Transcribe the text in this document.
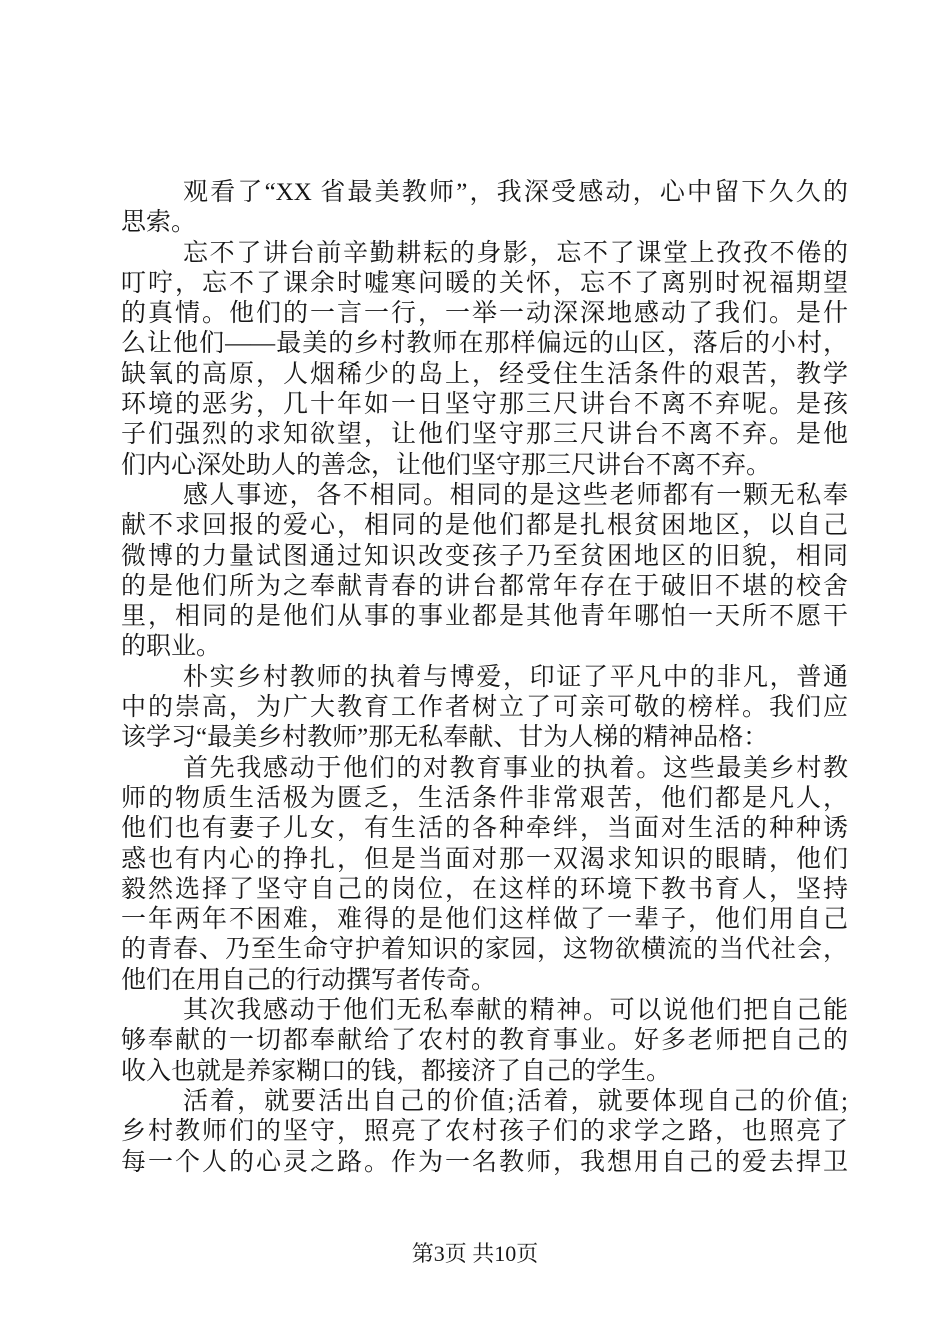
观看了“XX 省最美教师”，我深受感动，心中留下久久的
思索。
忘不了讲台前辛勤耕耘的身影，忘不了课堂上孜孜不倦的
叮咛，忘不了课余时嘘寒问暖的关怀，忘不了离别时祝福期望
的真情。他们的一言一行，一举一动深深地感动了我们。是什
么让他们——最美的乡村教师在那样偏远的山区，落后的小村，
缺氧的高原，人烟稀少的岛上，经受住生活条件的艰苦，教学
环境的恶劣，几十年如一日坚守那三尺讲台不离不弃呢。是孩
子们强烈的求知欲望，让他们坚守那三尺讲台不离不弃。是他
们内心深处助人的善念，让他们坚守那三尺讲台不离不弃。
感人事迹，各不相同。相同的是这些老师都有一颗无私奉
献不求回报的爱心，相同的是他们都是扎根贫困地区，以自己
微博的力量试图通过知识改变孩子乃至贫困地区的旧貌，相同
的是他们所为之奉献青春的讲台都常年存在于破旧不堪的校舍
里，相同的是他们从事的事业都是其他青年哪怕一天所不愿干
的职业。
朴实乡村教师的执着与博爱，印证了平凡中的非凡，普通
中的崇高，为广大教育工作者树立了可亲可敬的榜样。我们应
该学习“最美乡村教师”那无私奉献、甘为人梯的精神品格：
首先我感动于他们的对教育事业的执着。这些最美乡村教
师的物质生活极为匮乏，生活条件非常艰苦，他们都是凡人，
他们也有妻子儿女，有生活的各种牵绊，当面对生活的种种诱
惑也有内心的挣扎，但是当面对那一双渴求知识的眼睛，他们
毅然选择了坚守自己的岗位，在这样的环境下教书育人，坚持
一年两年不困难，难得的是他们这样做了一辈子，他们用自己
的青春、乃至生命守护着知识的家园，这物欲横流的当代社会，
他们在用自己的行动撰写者传奇。
其次我感动于他们无私奉献的精神。可以说他们把自己能
够奉献的一切都奉献给了农村的教育事业。好多老师把自己的
收入也就是养家糊口的钱，都接济了自己的学生。
活着，就要活出自己的价值;活着，就要体现自己的价值;
乡村教师们的坚守，照亮了农村孩子们的求学之路，也照亮了
每一个人的心灵之路。作为一名教师，我想用自己的爱去捍卫
第3页 共10页
